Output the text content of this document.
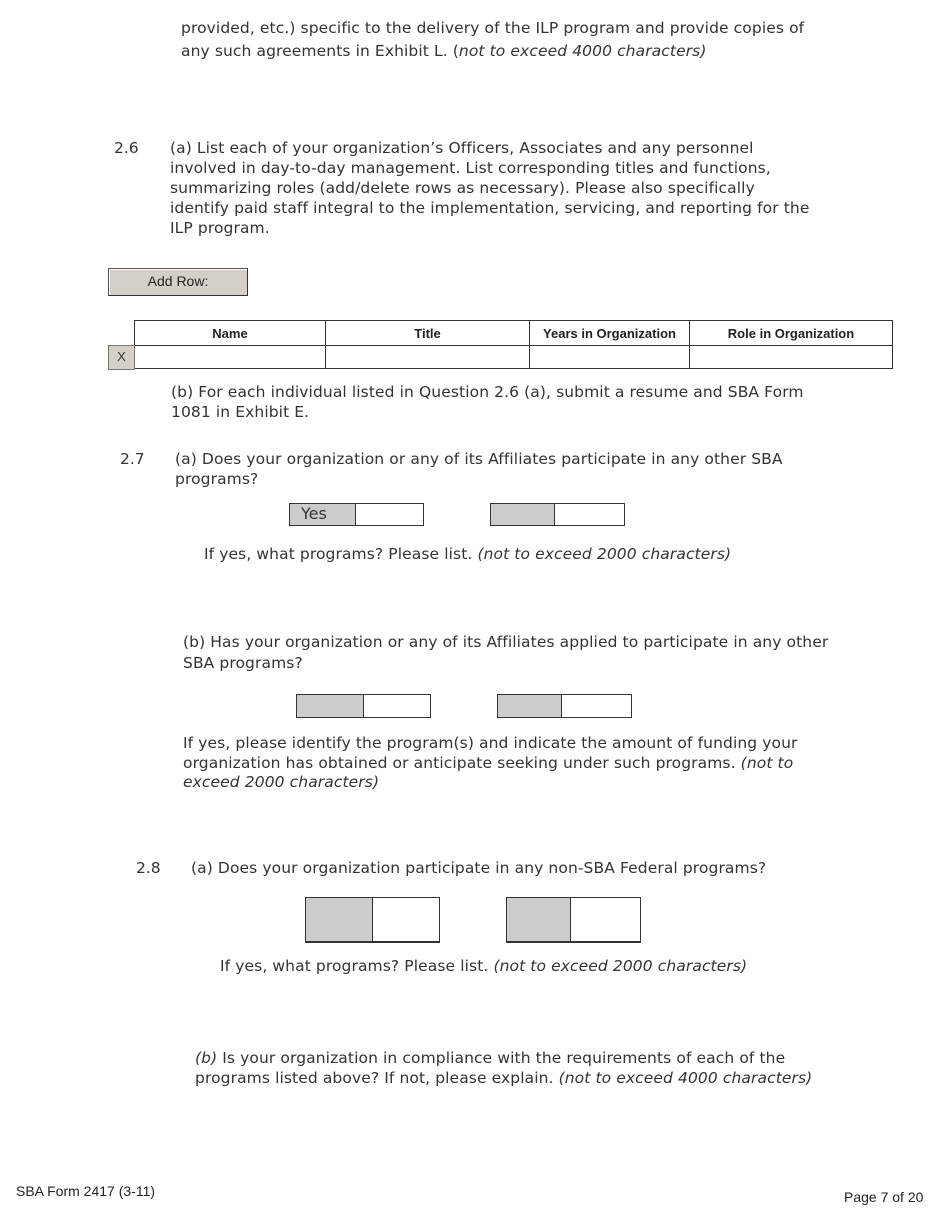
provided, etc.) specific to the delivery of the ILP program and provide copies of
any such agreements in Exhibit L. (not to exceed 4000 characters)
2.6 (a) List each of your organization’s Officers, Associates and any personnel
involved in day-to-day management. List corresponding titles and functions,
summarizing roles (add/delete rows as necessary). Please also specifically
identify paid staff integral to the implementation, servicing, and reporting for the
ILP program.
Add Row:
Name	Title	Years in Organization	Role in Organization

X
(b) For each individual listed in Question 2.6 (a), submit a resume and SBA Form
1081 in Exhibit E.
2.7 (a) Does your organization or any of its Affiliates participate in any other SBA
programs?
Yes
If yes, what programs? Please list. (not to exceed 2000 characters)
(b) Has your organization or any of its Affiliates applied to participate in any other
SBA programs?
If yes, please identify the program(s) and indicate the amount of funding your
organization has obtained or anticipate seeking under such programs. (not to
exceed 2000 characters)
2.8 (a) Does your organization participate in any non-SBA Federal programs?
If yes, what programs? Please list. (not to exceed 2000 characters)
(b) Is your organization in compliance with the requirements of each of the
programs listed above? If not, please explain. (not to exceed 4000 characters)
SBA Form 2417 (3-11)	Page 7 of 20
